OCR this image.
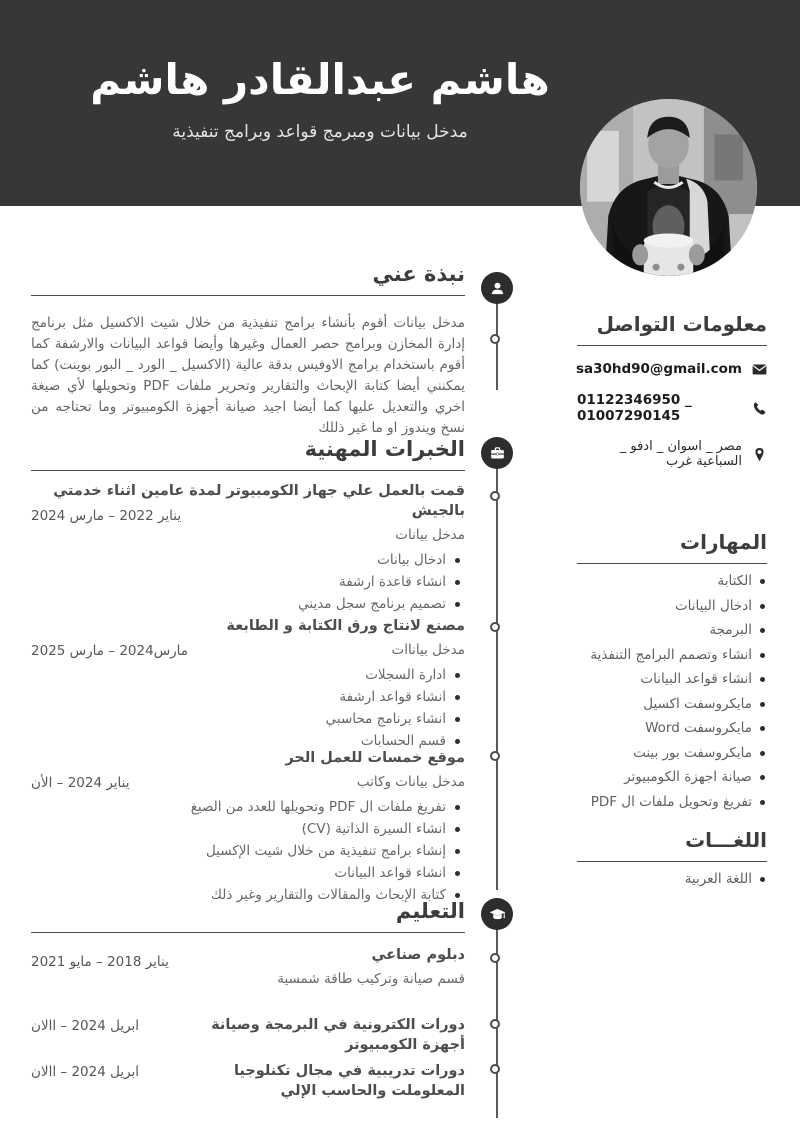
هاشم عبدالقادر هاشم
مدخل بيانات ومبرمج قواعد وبرامج تنفيذية
نبذة عني

مدخل بيانات أقوم بأنشاء برامج تنفيذية من خلال شيت الاكسيل مثل برنامج إدارة المخازن وبرامج حصر العمال وغيرها وأيضا قواعد البيانات والارشفة كما أقوم باستخدام برامج الاوفيس بدقة عالية (الاكسيل _ الورد _ البور بوينت) كما يمكنني أيضا كتابة الإبحاث والتقارير وتحرير ملفات PDF وتحويلها لأي صيغة اخري والتعديل عليها كما أيضا اجيد صيانة أجهزة الكومبيوتر وما تحتاجه من نسخ ويندوز او ما غير ذللك

الخبرات المهنية
قمت بالعمل علي جهاز الكومبيوتر لمدة عامين اثناء خدمتي بالجيش
مدخل بيانات
يناير 2022 – مارس 2024
ادخال بيانات
انشاء قاعدة ارشفة
تصميم برنامج سجل مديني
مصنع لانتاج ورق الكتابة و الطابعة
مدخل بياناات
مارس2024 – مارس 2025
ادارة السجلات
انشاء قواعد ارشفة
انشاء برنامج محاسبي
قسم الحسابات
موقع خمسات للعمل الحر
مدخل بيانات وكاتب
يناير 2024 – الأن
تفريغ ملفات ال PDF وتحويلها للعدد من الصيغ
انشاء السيرة الذاتية (CV)
إنشاء برامج تنفيذية من خلال شيت الإكسيل
انشاء قواعد البيانات
كتابة الإبحاث والمقالات والتقارير وغير ذلك
التعليم
دبلوم صناعي
قسم صيانة وتركيب طاقة شمسية
يناير 2018 – مايو 2021
دورات الكترونية في البرمجة وصيانة أجهزة الكومبيوتر
ابريل 2024 – االان
دورات تدريبية في مجال تكنلوجيا المعلوملت والحاسب الإلي
ابريل 2024 – االان
معلومات التواصل
sa30hd90@gmail.com
01122346950 _ 01007290145
مصر _ اسوان _ ادفو _ السباعية غرب
المهارات
الكتابة
ادخال البيانات
البرمجة
انشاء وتصمم البرامج التنفذية
انشاء قواعد البيانات
مايكروسفت اكسيل
مايكروسفت Word
مايكروسفت بور بينت
صيانة اجهزة الكومبيوتر
تفريغ وتحويل ملفات ال PDF
اللغـــات
اللغة العربية
